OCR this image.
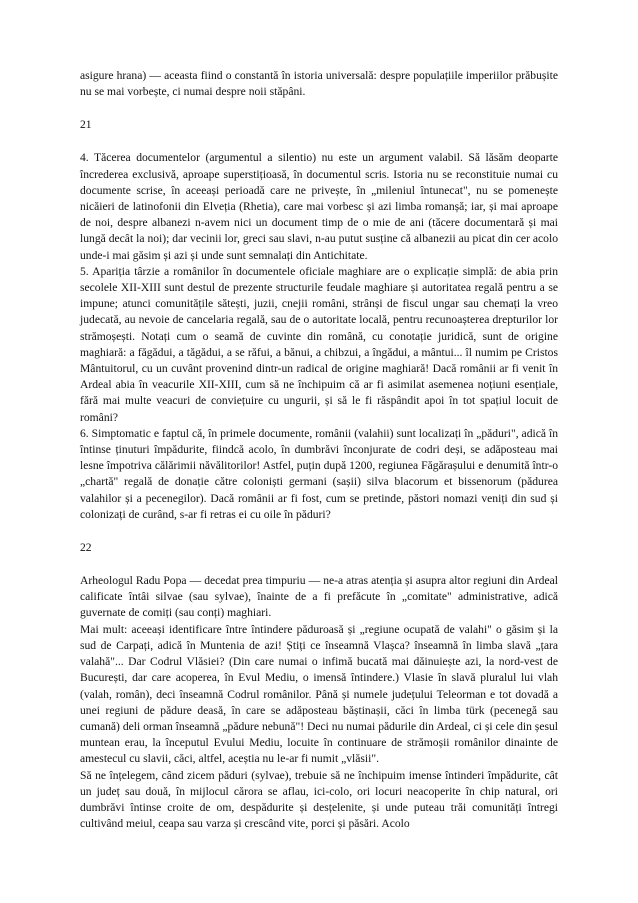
asigure hrana) — aceasta fiind o constantă în istoria universală: despre populațiile imperiilor prăbușite nu se mai vorbește, ci numai despre noii stăpâni.

21

4. Tăcerea documentelor (argumentul a silentio) nu este un argument valabil. Să lăsăm deoparte încrederea exclusivă, aproape superstițioasă, în documentul scris. Istoria nu se reconstituie numai cu documente scrise, în aceeași perioadă care ne privește, în „mileniul întunecat", nu se pomenește nicăieri de latinofonii din Elveția (Rhetia), care mai vorbesc și azi limba romanșă; iar, și mai aproape de noi, despre albanezi n-avem nici un document timp de o mie de ani (tăcere documentară și mai lungă decât la noi); dar vecinii lor, greci sau slavi, n-au putut susține că albanezii au picat din cer acolo unde-i mai găsim și azi și unde sunt semnalați din Antichitate.

5. Apariția târzie a românilor în documentele oficiale maghiare are o explicație simplă: de abia prin secolele XII-XIII sunt destul de prezente structurile feudale maghiare și autoritatea regală pentru a se impune; atunci comunitățile sătești, juzii, cnejii români, strânși de fiscul ungar sau chemați la vreo judecată, au nevoie de cancelaria regală, sau de o autoritate locală, pentru recunoașterea drepturilor lor strămoșești. Notați cum o seamă de cuvinte din română, cu conotație juridică, sunt de origine maghiară: a făgădui, a tăgădui, a se răfui, a bănui, a chibzui, a îngădui, a mântui... îl numim pe Cristos Mântuitorul, cu un cuvânt provenind dintr-un radical de origine maghiară! Dacă românii ar fi venit în Ardeal abia în veacurile XII-XIII, cum să ne închipuim că ar fi asimilat asemenea noțiuni esențiale, fără mai multe veacuri de conviețuire cu ungurii, și să le fi răspândit apoi în tot spațiul locuit de români?

6. Simptomatic e faptul că, în primele documente, românii (valahii) sunt localizați în „păduri", adică în întinse ținuturi împădurite, fiindcă acolo, în dumbrăvi înconjurate de codri deși, se adăposteau mai lesne împotriva călărimii năvălitorilor! Astfel, puțin după 1200, regiunea Făgărașului e denumită într-o „chartă" regală de donație către coloniști germani (sașii) silva blacorum et bissenorum (pădurea valahilor și a pecenegilor). Dacă românii ar fi fost, cum se pretinde, păstori nomazi veniți din sud și colonizați de curând, s-ar fi retras ei cu oile în păduri?

22

Arheologul Radu Popa — decedat prea timpuriu — ne-a atras atenția și asupra altor regiuni din Ardeal calificate întâi silvae (sau sylvae), înainte de a fi prefăcute în „comitate" administrative, adică guvernate de comiți (sau conți) maghiari.

Mai mult: aceeași identificare între întindere păduroasă și „regiune ocupată de valahi" o găsim și la sud de Carpați, adică în Muntenia de azi! Știți ce înseamnă Vlașca? înseamnă în limba slavă „țara valahă"... Dar Codrul Vlăsiei? (Din care numai o infimă bucată mai dăinuiește azi, la nord-vest de București, dar care acoperea, în Evul Mediu, o imensă întindere.) Vlasie în slavă pluralul lui vlah (valah, român), deci înseamnă Codrul românilor. Până și numele județului Teleorman e tot dovadă a unei regiuni de pădure deasă, în care se adăposteau băștinașii, căci în limba türk (pecenegă sau cumană) deli orman înseamnă „pădure nebună"! Deci nu numai pădurile din Ardeal, ci și cele din șesul muntean erau, la începutul Evului Mediu, locuite în continuare de strămoșii românilor dinainte de amestecul cu slavii, căci, altfel, aceștia nu le-ar fi numit „vlăsii".

Să ne înțelegem, când zicem păduri (sylvae), trebuie să ne închipuim imense întinderi împădurite, cât un județ sau două, în mijlocul cărora se aflau, ici-colo, ori locuri neacoperite în chip natural, ori dumbrăvi întinse croite de om, despădurite și desțelenite, și unde puteau trăi comunități întregi cultivând meiul, ceapa sau varza și crescând vite, porci și păsări. Acolo
